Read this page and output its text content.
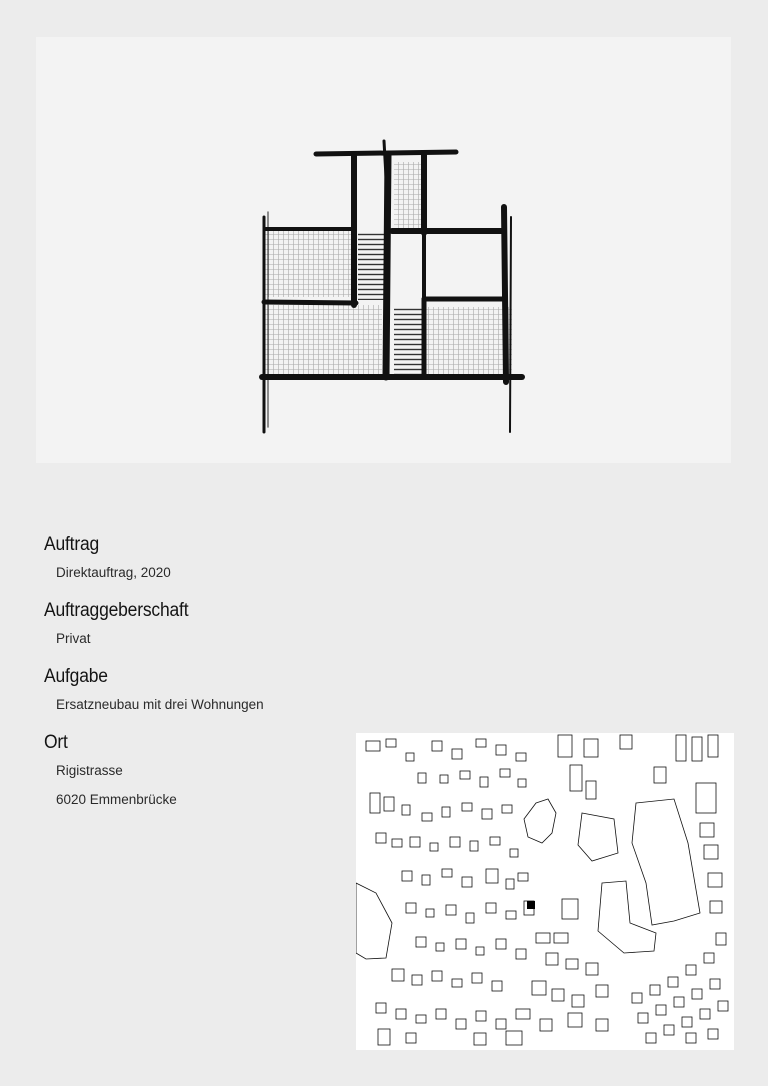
Auftrag
Direktauftrag, 2020
Auftraggeberschaft
Privat
Aufgabe
Ersatzneubau mit drei Wohnungen
Ort
Rigistrasse
6020 Emmenbrücke
